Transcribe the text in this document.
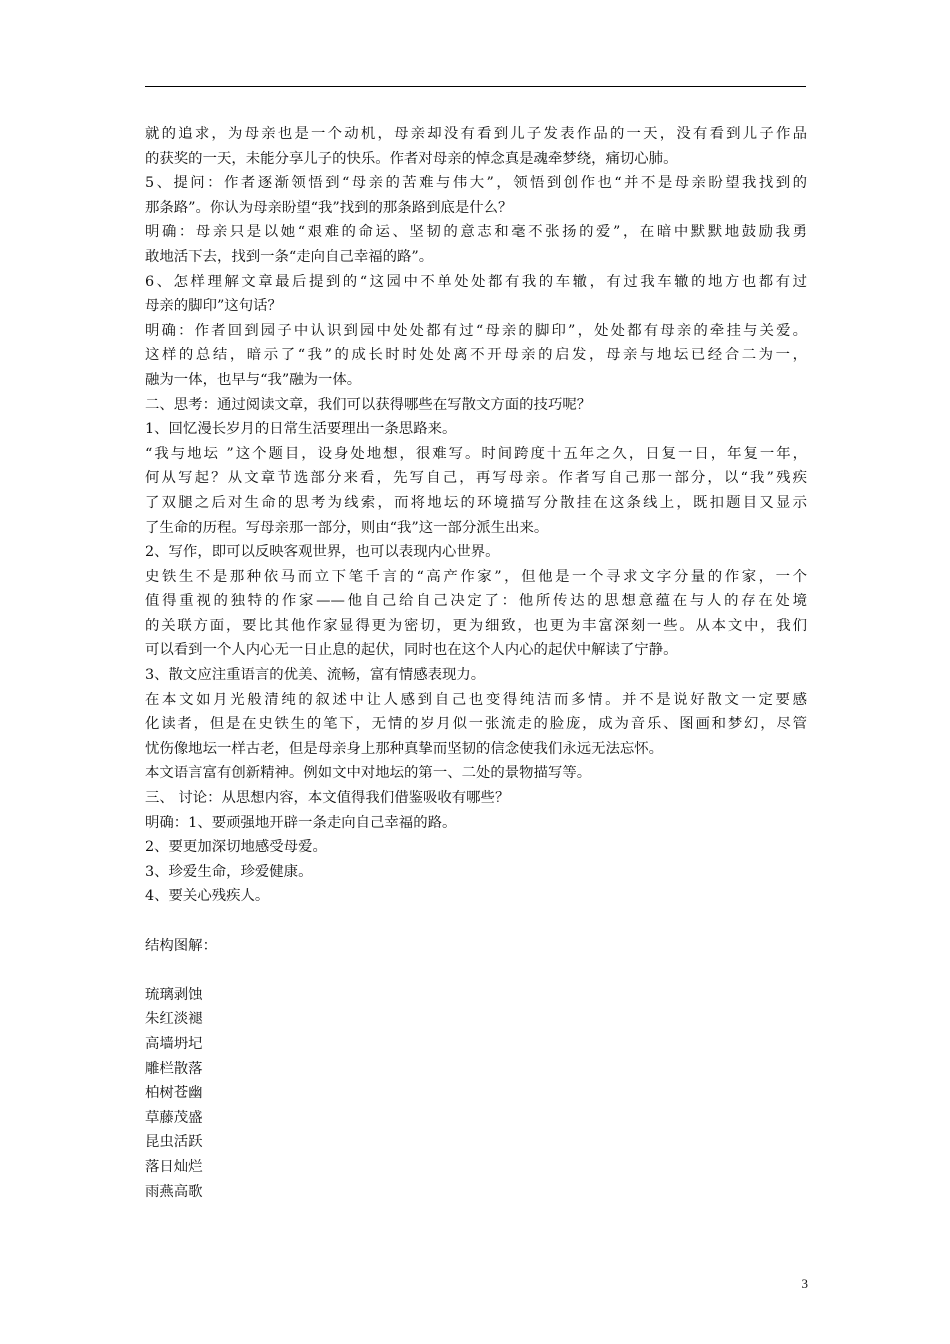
就的追求，为母亲也是一个动机，母亲却没有看到儿子发表作品的一天，没有看到儿子作品
的获奖的一天，未能分享儿子的快乐。作者对母亲的悼念真是魂牵梦绕，痛切心肺。
5、提问：作者逐渐领悟到“母亲的苦难与伟大”，领悟到创作也“并不是母亲盼望我找到的
那条路”。你认为母亲盼望“我”找到的那条路到底是什么？
明确：母亲只是以她“艰难的命运、坚韧的意志和毫不张扬的爱”，在暗中默默地鼓励我勇
敢地活下去，找到一条“走向自己幸福的路”。
6、怎样理解文章最后提到的“这园中不单处处都有我的车辙，有过我车辙的地方也都有过
母亲的脚印”这句话？
明确：作者回到园子中认识到园中处处都有过“母亲的脚印”，处处都有母亲的牵挂与关爱。
这样的总结，暗示了“我”的成长时时处处离不开母亲的启发，母亲与地坛已经合二为一，
融为一体，也早与“我”融为一体。
二、思考：通过阅读文章，我们可以获得哪些在写散文方面的技巧呢？
1、回忆漫长岁月的日常生活要理出一条思路来。
“我与地坛 ”这个题目，设身处地想，很难写。时间跨度十五年之久，日复一日，年复一年，
何从写起？从文章节选部分来看，先写自己，再写母亲。作者写自己那一部分，以“我”残疾
了双腿之后对生命的思考为线索，而将地坛的环境描写分散挂在这条线上，既扣题目又显示
了生命的历程。写母亲那一部分，则由“我”这一部分派生出来。
2、写作，即可以反映客观世界，也可以表现内心世界。
史铁生不是那种依马而立下笔千言的“高产作家”，但他是一个寻求文字分量的作家，一个
值得重视的独特的作家——他自己给自己决定了：他所传达的思想意蕴在与人的存在处境
的关联方面，要比其他作家显得更为密切，更为细致，也更为丰富深刻一些。从本文中，我们
可以看到一个人内心无一日止息的起伏，同时也在这个人内心的起伏中解读了宁静。
3、散文应注重语言的优美、流畅，富有情感表现力。
在本文如月光般清纯的叙述中让人感到自己也变得纯洁而多情。并不是说好散文一定要感
化读者，但是在史铁生的笔下，无情的岁月似一张流走的脸庞，成为音乐、图画和梦幻，尽管
忧伤像地坛一样古老，但是母亲身上那种真挚而坚韧的信念使我们永远无法忘怀。
本文语言富有创新精神。例如文中对地坛的第一、二处的景物描写等。
三、 讨论：从思想内容，本文值得我们借鉴吸收有哪些？
明确：1、要顽强地开辟一条走向自己幸福的路。
2、要更加深切地感受母爱。
3、珍爱生命，珍爱健康。
4、要关心残疾人。
结构图解：
琉璃剥蚀
朱红淡褪
高墙坍圮
雕栏散落
柏树苍幽
草藤茂盛
昆虫活跃
落日灿烂
雨燕高歌
3
